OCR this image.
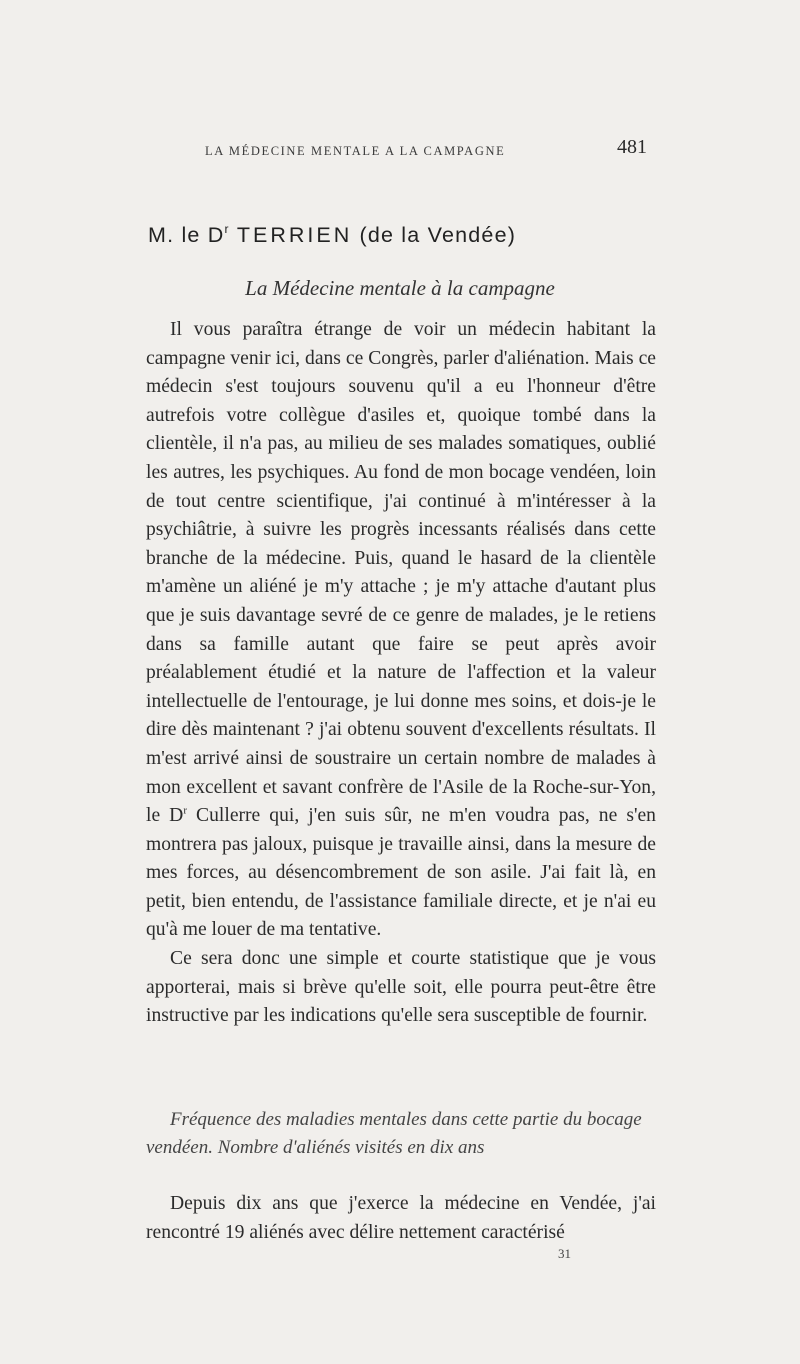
LA MÉDECINE MENTALE A LA CAMPAGNE	481
M. le $D^r$ TERRIEN (de la Vendée)
La Médecine mentale à la campagne

Il vous paraîtra étrange de voir un médecin habitant la campagne venir ici, dans ce Congrès, parler d'aliénation. Mais ce médecin s'est toujours souvenu qu'il a eu l'honneur d'être autrefois votre collègue d'asiles et, quoique tombé dans la clientèle, il n'a pas, au milieu de ses malades somatiques, oublié les autres, les psychiques. Au fond de mon bocage vendéen, loin de tout centre scientifique, j'ai continué à m'intéresser à la psychiâtrie, à suivre les progrès incessants réalisés dans cette branche de la médecine. Puis, quand le hasard de la clientèle m'amène un aliéné je m'y attache ; je m'y attache d'autant plus que je suis davantage sevré de ce genre de malades, je le retiens dans sa famille autant que faire se peut après avoir préalablement étudié et la nature de l'affection et la valeur intellectuelle de l'entourage, je lui donne mes soins, et dois-je le dire dès maintenant ? j'ai obtenu souvent d'excellents résultats. Il m'est arrivé ainsi de soustraire un certain nombre de malades à mon excellent et savant confrère de l'Asile de la Roche-sur-Yon, le $D^r$ Cullerre qui, j'en suis sûr, ne m'en voudra pas, ne s'en montrera pas jaloux, puisque je travaille ainsi, dans la mesure de mes forces, au désencombrement de son asile. J'ai fait là, en petit, bien entendu, de l'assistance familiale directe, et je n'ai eu qu'à me louer de ma tentative.

Ce sera donc une simple et courte statistique que je vous apporterai, mais si brève qu'elle soit, elle pourra peut-être être instructive par les indications qu'elle sera susceptible de fournir.

Fréquence des maladies mentales dans cette partie du bocage vendéen. Nombre d'aliénés visités en dix ans

Depuis dix ans que j'exerce la médecine en Vendée, j'ai rencontré 19 aliénés avec délire nettement caractérisé

31
